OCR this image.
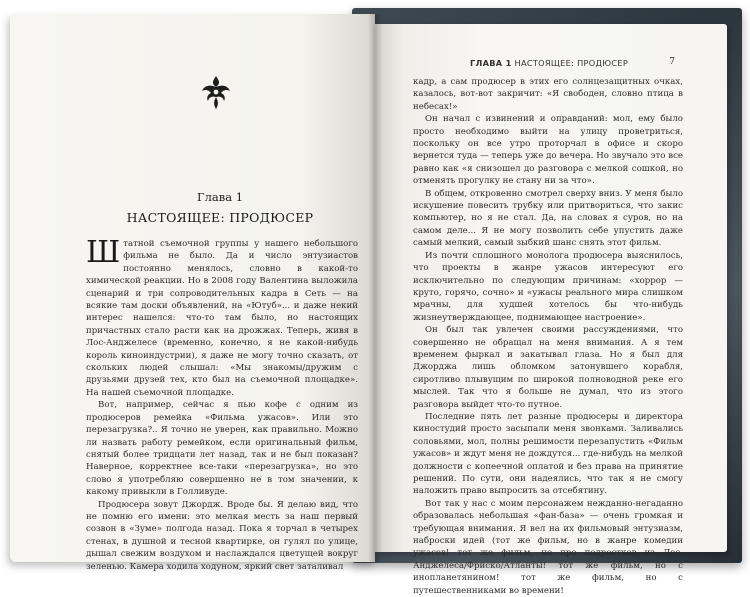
Глава 1
НАСТОЯЩЕЕ: ПРОДЮСЕР

Штатной съемочной группы у нашего небольшого фильма не было. Да и число энтузиастов постоянно менялось, словно в какой-то химической реакции. Но в 2008 году Валентина выложила сценарий и три сопроводительных кадра в Сеть — на всякие там доски объявлений, на «Ютуб»... и даже некий интерес нашелся: что-то там было, но настоящих причастных стало расти как на дрожжах. Теперь, живя в Лос-Анджелесе (временно, конечно, я не какой-нибудь король киноиндустрии), я даже не могу точно сказать, от скольких людей слышал: «Мы знакомы/дружим с друзьями друзей тех, кто был на съемочной площадке». На нашей съемочной площадке.

Вот, например, сейчас я пью кофе с одним из продюсеров ремейка «Фильма ужасов». Или это перезагрузка?.. Я точно не уверен, как правильно. Можно ли назвать работу ремейком, если оригинальный фильм, снятый более тридцати лет назад, так и не был показан? Наверное, корректнее все-таки «перезагрузка», но это слово я употребляю совершенно не в том значении, к какому привыкли в Голливуде.

Продюсера зовут Джордж. Вроде бы. Я делаю вид, что не помню его имени: это мелкая месть за наш первый созвон в «Зуме» полгода назад. Пока я торчал в четырех стенах, в душной и тесной квартирке, он гулял по улице, дышал свежим воздухом и наслаждался цветущей вокруг зеленью. Камера ходила ходуном, яркий свет заталивал

ГЛАВА 1 НАСТОЯЩЕЕ: ПРОДЮСЕР	7

кадр, а сам продюсер в этих его солнцезащитных очках, казалось, вот-вот закричит: «Я свободен, словно птица в небесах!»

Он начал с извинений и оправданий: мол, ему было просто необходимо выйти на улицу проветриться, поскольку он все утро проторчал в офисе и скоро вернется туда — теперь уже до вечера. Но звучало это все равно как «я снизошел до разговора с мелкой сошкой, но отменять прогулку не стану ни за что».

В общем, откровенно смотрел сверху вниз. У меня было искушение повесить трубку или притвориться, что закис компьютер, но я не стал. Да, на словах я суров, но на самом деле... Я не могу позволить себе упустить даже самый мелкий, самый зыбкий шанс снять этот фильм.

Из почти сплошного монолога продюсера выяснилось, что проекты в жанре ужасов интересуют его исключительно по следующим причинам: «хоррор — круто, горячо, сочно» и «ужасы реального мира слишком мрачны, для худшей хотелось бы что-нибудь жизнеутверждающее, поднимающее настроение».

Он был так увлечен своими рассуждениями, что совершенно не обращал на меня внимания. А я тем временем фыркал и закатывал глаза. Но я был для Джорджа лишь обломком затонувшего корабля, сиротливо плывущим по широкой полноводной реке его мыслей. Так что я больше не думал, что из этого разговора выйдет что-то путное.

Последние пять лет разные продюсеры и директора киностудий просто засыпали меня звонками. Заливались соловьями, мол, полны решимости перезапустить «Фильм ужасов» и ждут меня не дождутся... где-нибудь на мелкой должности с копеечной оплатой и без права на принятие решений. По сути, они надеялись, что так я не смогу наложить право выпросить за отсебятину.

Вот так у нас с моим персонажем нежданно-негаданно образовалась небольшая «фан-база» — очень громкая и требующая внимания. Я вел на их фильмовый энтузиазм, наброски идей (тот же фильм, но в жанре комедии ужасов! тот же фильм, но про подростков из Лос-Анджелеса/Фриско/Атланты! тот же фильм, но с инопланетянином! тот же фильм, но с путешественниками во времени!
